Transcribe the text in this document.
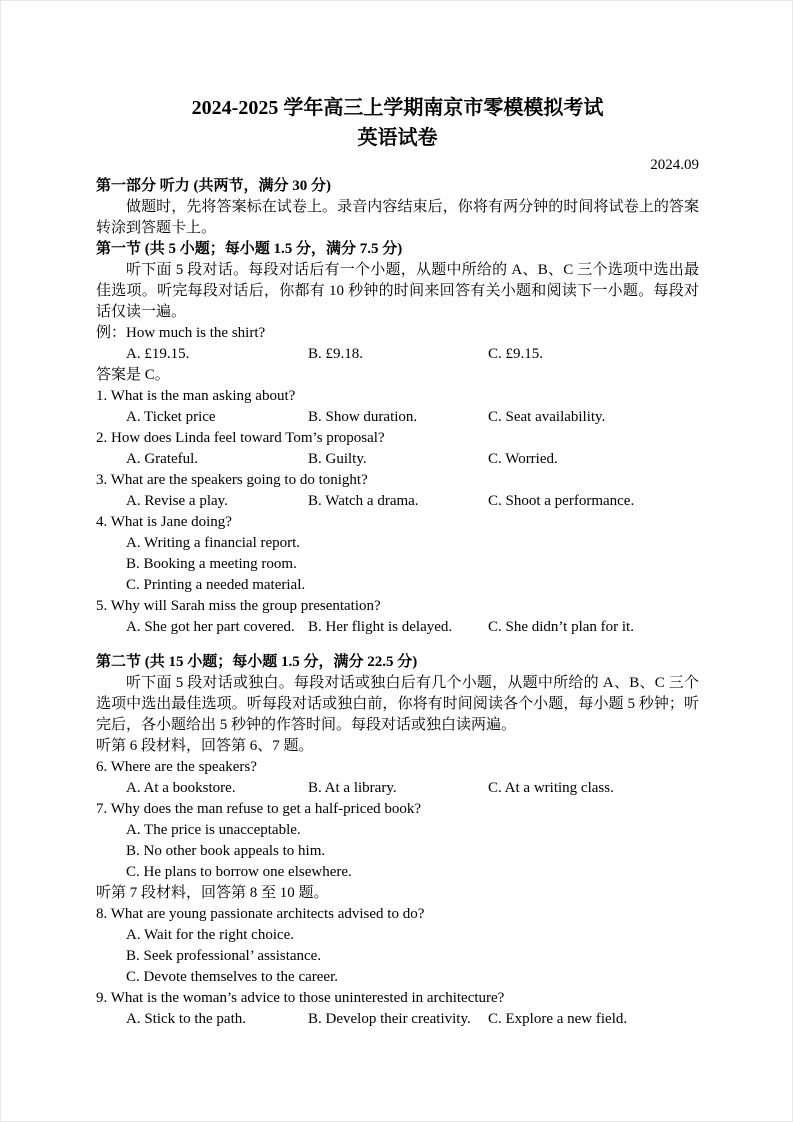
2024-2025 学年高三上学期南京市零模模拟考试
英语试卷
2024.09
第一部分 听力 (共两节，满分 30 分)
做题时，先将答案标在试卷上。录音内容结束后，你将有两分钟的时间将试卷上的答案转涂到答题卡上。
第一节 (共 5 小题；每小题 1.5 分，满分 7.5 分)
听下面 5 段对话。每段对话后有一个小题，从题中所给的 A、B、C 三个选项中选出最佳选项。听完每段对话后，你都有 10 秒钟的时间来回答有关小题和阅读下一小题。每段对话仅读一遍。
例：How much is the shirt?
A. £19.15.	B. £9.18.	C. £9.15.
答案是 C。
1. What is the man asking about?
A. Ticket price	B. Show duration.	C. Seat availability.
2. How does Linda feel toward Tom’s proposal?
A. Grateful.	B. Guilty.	C. Worried.
3. What are the speakers going to do tonight?
A. Revise a play.	B. Watch a drama.	C. Shoot a performance.
4. What is Jane doing?
A. Writing a financial report.
B. Booking a meeting room.
C. Printing a needed material.
5. Why will Sarah miss the group presentation?
A. She got her part covered. B. Her flight is delayed.	C. She didn’t plan for it.
第二节 (共 15 小题；每小题 1.5 分，满分 22.5 分)
听下面 5 段对话或独白。每段对话或独白后有几个小题，从题中所给的 A、B、C 三个选项中选出最佳选项。听每段对话或独白前，你将有时间阅读各个小题，每小题 5 秒钟；听完后，各小题给出 5 秒钟的作答时间。每段对话或独白读两遍。
听第 6 段材料，回答第 6、7 题。
6. Where are the speakers?
A. At a bookstore.	B. At a library.	C. At a writing class.
7. Why does the man refuse to get a half-priced book?
A. The price is unacceptable.
B. No other book appeals to him.
C. He plans to borrow one elsewhere.
听第 7 段材料，回答第 8 至 10 题。
8. What are young passionate architects advised to do?
A. Wait for the right choice.
B. Seek professional’ assistance.
C. Devote themselves to the career.
9. What is the woman’s advice to those uninterested in architecture?
A. Stick to the path.	B. Develop their creativity.	C. Explore a new field.
